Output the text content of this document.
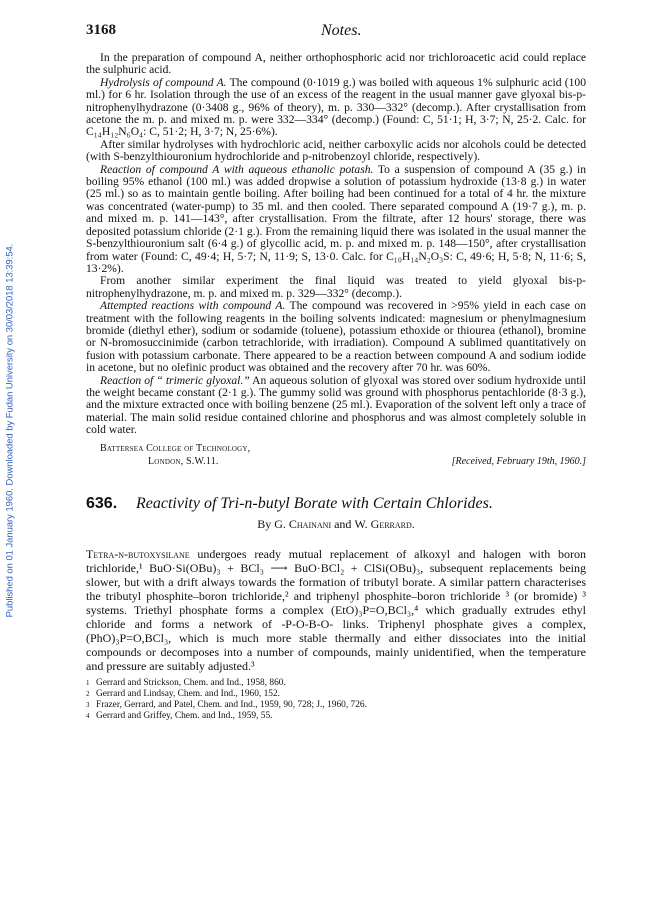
Published on 01 January 1960. Downloaded by Fudan University on 30/03/2018 13:39:54.
3168	Notes.

In the preparation of compound A, neither orthophosphoric acid nor trichloroacetic acid could replace the sulphuric acid.

Hydrolysis of compound A. The compound (0·1019 g.) was boiled with aqueous 1% sulphuric acid (100 ml.) for 6 hr. Isolation through the use of an excess of the reagent in the usual manner gave glyoxal bis-p-nitrophenylhydrazone (0·3408 g., 96% of theory), m. p. 330—332° (decomp.). After crystallisation from acetone the m. p. and mixed m. p. were 332—334° (decomp.) (Found: C, 51·1; H, 3·7; N, 25·2. Calc. for C₁₄H₁₂N₆O₄: C, 51·2; H, 3·7; N, 25·6%).

After similar hydrolyses with hydrochloric acid, neither carboxylic acids nor alcohols could be detected (with S-benzylthiouronium hydrochloride and p-nitrobenzoyl chloride, respectively).

Reaction of compound A with aqueous ethanolic potash. To a suspension of compound A (35 g.) in boiling 95% ethanol (100 ml.) was added dropwise a solution of potassium hydroxide (13·8 g.) in water (25 ml.) so as to maintain gentle boiling. After boiling had been continued for a total of 4 hr. the mixture was concentrated (water-pump) to 35 ml. and then cooled. There separated compound A (19·7 g.), m. p. and mixed m. p. 141—143°, after crystallisation. From the filtrate, after 12 hours' storage, there was deposited potassium chloride (2·1 g.). From the remaining liquid there was isolated in the usual manner the S-benzylthiouronium salt (6·4 g.) of glycollic acid, m. p. and mixed m. p. 148—150°, after crystallisation from water (Found: C, 49·4; H, 5·7; N, 11·9; S, 13·0. Calc. for C₁₀H₁₄N₂O₃S: C, 49·6; H, 5·8; N, 11·6; S, 13·2%).

From another similar experiment the final liquid was treated to yield glyoxal bis-p-nitrophenylhydrazone, m. p. and mixed m. p. 329—332° (decomp.).

Attempted reactions with compound A. The compound was recovered in >95% yield in each case on treatment with the following reagents in the boiling solvents indicated: magnesium or phenylmagnesium bromide (diethyl ether), sodium or sodamide (toluene), potassium ethoxide or thiourea (ethanol), bromine or N-bromosuccinimide (carbon tetrachloride, with irradiation). Compound A sublimed quantitatively on fusion with potassium carbonate. There appeared to be a reaction between compound A and sodium iodide in acetone, but no olefinic product was obtained and the recovery after 70 hr. was 60%.

Reaction of “ trimeric glyoxal.” An aqueous solution of glyoxal was stored over sodium hydroxide until the weight became constant (2·1 g.). The gummy solid was ground with phosphorus pentachloride (8·3 g.), and the mixture extracted once with boiling benzene (25 ml.). Evaporation of the solvent left only a trace of material. The main solid residue contained chlorine and phosphorus and was almost completely soluble in cold water.

Battersea College of Technology,
London, S.W.11.	[Received, February 19th, 1960.]
636. Reactivity of Tri-n-butyl Borate with Certain Chlorides.
By G. Chainani and W. Gerrard.

Tetra-n-butoxysilane undergoes ready mutual replacement of alkoxyl and halogen with boron trichloride,¹ BuO·Si(OBu)₃ + BCl₃ ⟶ BuO·BCl₂ + ClSi(OBu)₃, subsequent replacements being slower, but with a drift always towards the formation of tributyl borate. A similar pattern characterises the tributyl phosphite–boron trichloride,² and triphenyl phosphite–boron trichloride ³ (or bromide) ³ systems. Triethyl phosphate forms a complex (EtO)₃P=O,BCl₃,⁴ which gradually extrudes ethyl chloride and forms a network of -P-O-B-O- links. Triphenyl phosphate gives a complex, (PhO)₃P=O,BCl₃, which is much more stable thermally and either dissociates into the initial compounds or decomposes into a number of compounds, mainly unidentified, when the temperature and pressure are suitably adjusted.³

1 Gerrard and Strickson, Chem. and Ind., 1958, 860.
2 Gerrard and Lindsay, Chem. and Ind., 1960, 152.
3 Frazer, Gerrard, and Patel, Chem. and Ind., 1959, 90, 728; J., 1960, 726.
4 Gerrard and Griffey, Chem. and Ind., 1959, 55.
